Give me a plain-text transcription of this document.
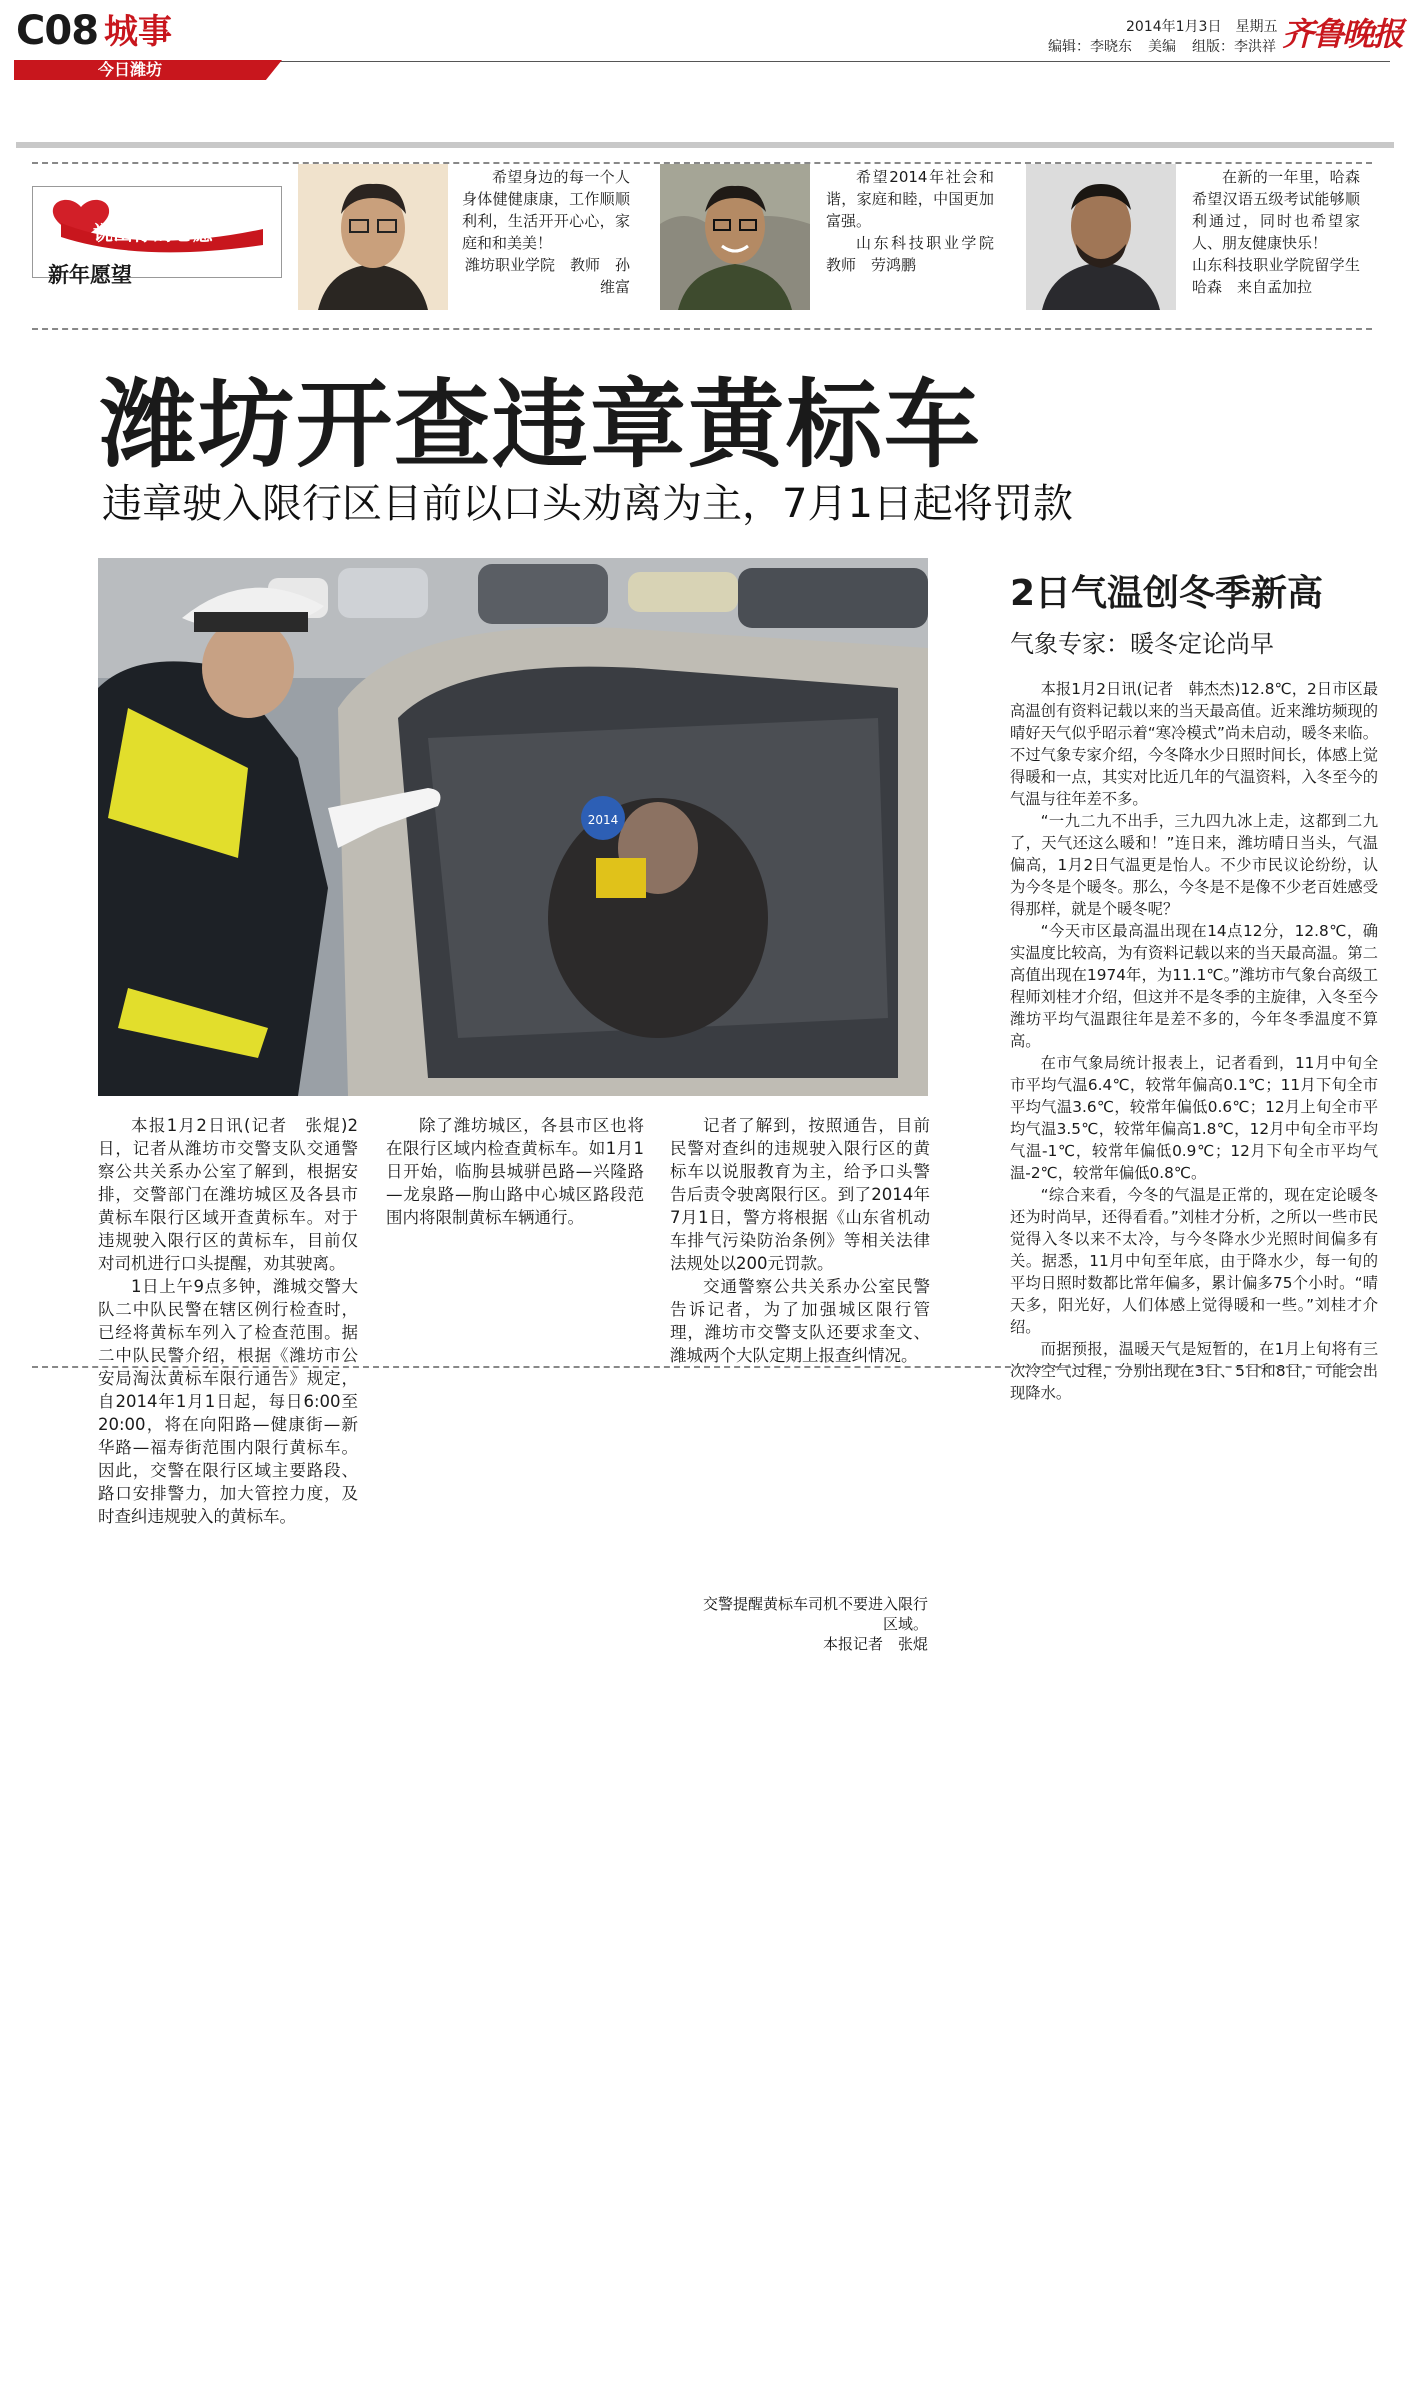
C08 城事
今日潍坊
2014年1月3日　星期五
编辑：李晓东 美编 组版：李洪祥 齐鲁晚报
说出你的心愿
新年愿望

希望身边的每一个人身体健健康康，工作顺顺利利，生活开开心心，家庭和和美美！

潍坊职业学院　教师　孙维富

希望2014年社会和谐，家庭和睦，中国更加富强。

山东科技职业学院　教师　劳鸿鹏

在新的一年里，哈森希望汉语五级考试能够顺利通过，同时也希望家人、朋友健康快乐！

山东科技职业学院留学生　哈森　来自孟加拉

潍坊开查违章黄标车
违章驶入限行区目前以口头劝离为主，7月1日起将罚款
2014
交警提醒黄标车司机不要进入限行区域。
本报记者　张焜

本报1月2日讯(记者　张焜)2日，记者从潍坊市交警支队交通警察公共关系办公室了解到，根据安排，交警部门在潍坊城区及各县市黄标车限行区域开查黄标车。对于违规驶入限行区的黄标车，目前仅对司机进行口头提醒，劝其驶离。

1日上午9点多钟，潍城交警大队二中队民警在辖区例行检查时，已经将黄标车列入了检查范围。据二中队民警介绍，根据《潍坊市公安局淘汰黄标车限行通告》规定，自2014年1月1日起，每日6:00至20:00，将在向阳路—健康街—新华路—福寿街范围内限行黄标车。因此，交警在限行区域主要路段、路口安排警力，加大管控力度，及时查纠违规驶入的黄标车。

除了潍坊城区，各县市区也将在限行区域内检查黄标车。如1月1日开始，临朐县城骈邑路—兴隆路—龙泉路—朐山路中心城区路段范围内将限制黄标车辆通行。

记者了解到，按照通告，目前民警对查纠的违规驶入限行区的黄标车以说服教育为主，给予口头警告后责令驶离限行区。到了2014年7月1日，警方将根据《山东省机动车排气污染防治条例》等相关法律法规处以200元罚款。

交通警察公共关系办公室民警告诉记者，为了加强城区限行管理，潍坊市交警支队还要求奎文、潍城两个大队定期上报查纠情况。

2日气温创冬季新高
气象专家：暖冬定论尚早

本报1月2日讯(记者　韩杰杰)12.8℃，2日市区最高温创有资料记载以来的当天最高值。近来潍坊频现的晴好天气似乎昭示着“寒冷模式”尚未启动，暖冬来临。不过气象专家介绍，今冬降水少日照时间长，体感上觉得暖和一点，其实对比近几年的气温资料，入冬至今的气温与往年差不多。

“一九二九不出手，三九四九冰上走，这都到二九了，天气还这么暖和！”连日来，潍坊晴日当头，气温偏高，1月2日气温更是怡人。不少市民议论纷纷，认为今冬是个暖冬。那么，今冬是不是像不少老百姓感受得那样，就是个暖冬呢？

“今天市区最高温出现在14点12分，12.8℃，确实温度比较高，为有资料记载以来的当天最高温。第二高值出现在1974年，为11.1℃。”潍坊市气象台高级工程师刘桂才介绍，但这并不是冬季的主旋律，入冬至今潍坊平均气温跟往年是差不多的，今年冬季温度不算高。

在市气象局统计报表上，记者看到，11月中旬全市平均气温6.4℃，较常年偏高0.1℃；11月下旬全市平均气温3.6℃，较常年偏低0.6℃；12月上旬全市平均气温3.5℃，较常年偏高1.8℃，12月中旬全市平均气温-1℃，较常年偏低0.9℃；12月下旬全市平均气温-2℃，较常年偏低0.8℃。

“综合来看，今冬的气温是正常的，现在定论暖冬还为时尚早，还得看看。”刘桂才分析，之所以一些市民觉得入冬以来不太冷，与今冬降水少光照时间偏多有关。据悉，11月中旬至年底，由于降水少，每一旬的平均日照时数都比常年偏多，累计偏多75个小时。“晴天多，阳光好，人们体感上觉得暖和一些。”刘桂才介绍。

而据预报，温暖天气是短暂的，在1月上旬将有三次冷空气过程，分别出现在3日、5日和8日，可能会出现降水。
